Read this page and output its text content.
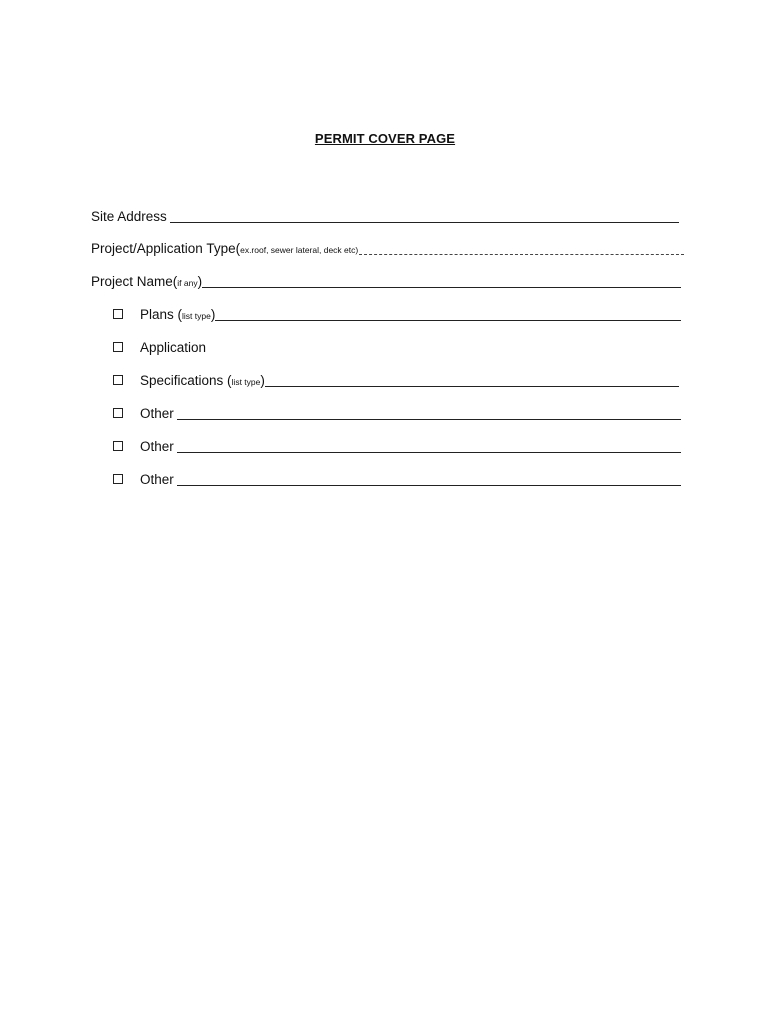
PERMIT COVER PAGE
Site Address
Project/Application Type( ex.roof, sewer lateral, deck etc)
Project Name( if any )
Plans ( list type )
Application
Specifications ( list type )
Other
Other
Other
